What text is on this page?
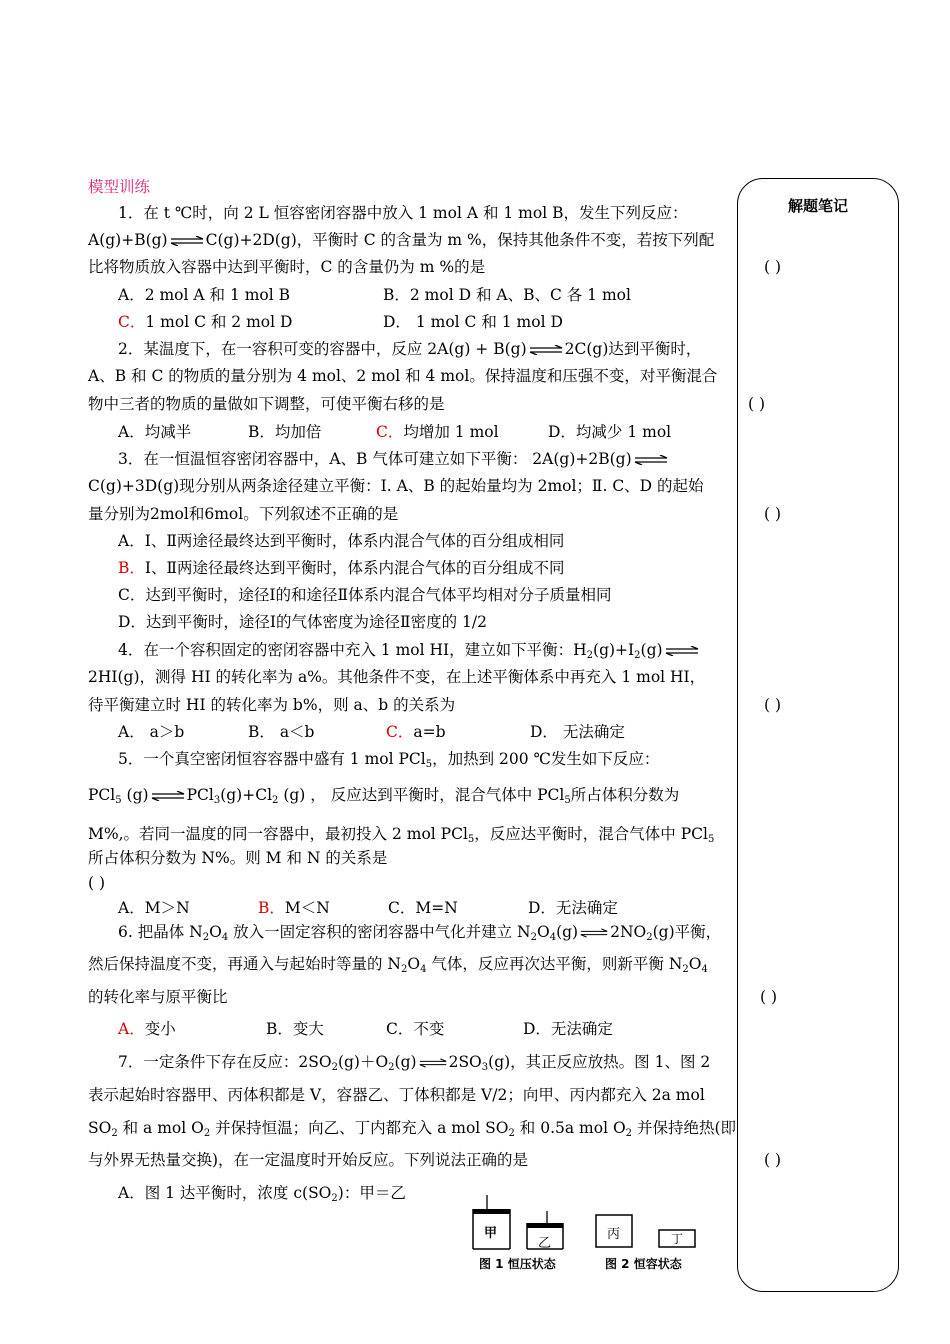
模型训练
1．在 t ℃时，向 2 L 恒容密闭容器中放入 1 mol A 和 1 mol B，发生下列反应：
A(g)+B(g) C(g)+2D(g)，平衡时 C 的含量为 m %，保持其他条件不变，若按下列配
比将物质放入容器中达到平衡时，C 的含量仍为 m %的是	( )
A．2 mol A 和 1 mol B	B．2 mol D 和 A、B、C 各 1 mol
C．1 mol C 和 2 mol D	D． 1 mol C 和 1 mol D
2．某温度下，在一容积可变的容器中，反应 2A(g) + B(g) 2C(g)达到平衡时，
A、B 和 C 的物质的量分别为 4 mol、2 mol 和 4 mol。保持温度和压强不变，对平衡混合
物中三者的物质的量做如下调整，可使平衡右移的是	( )
A．均减半	B．均加倍	C．均增加 1 mol	D．均减少 1 mol
3．在一恒温恒容密闭容器中，A、B 气体可建立如下平衡： 2A(g)+2B(g)
C(g)+3D(g)现分别从两条途径建立平衡：Ⅰ. A、B 的起始量均为 2mol；Ⅱ. C、D 的起始
量分别为2mol和6mol。下列叙述不正确的是	( )
A．Ⅰ、Ⅱ两途径最终达到平衡时，体系内混合气体的百分组成相同
B．Ⅰ、Ⅱ两途径最终达到平衡时，体系内混合气体的百分组成不同
C．达到平衡时，途径Ⅰ的和途径Ⅱ体系内混合气体平均相对分子质量相同
D．达到平衡时，途径Ⅰ的气体密度为途径Ⅱ密度的 1/2
4．在一个容积固定的密闭容器中充入 1 mol HI，建立如下平衡：$H_2(g)+I_2(g)$
2HI(g)，测得 HI 的转化率为 a%。其他条件不变，在上述平衡体系中再充入 1 mol HI，
待平衡建立时 HI 的转化率为 b%，则 a、b 的关系为	( )
A． a＞b	B． a＜b	C．a=b	D． 无法确定
5．一个真空密闭恒容容器中盛有 1 mol PCl$_5$，加热到 200 ℃发生如下反应：
PCl$_5$ (g) $PCl_3(g)+Cl_2$ (g) ， 反应达到平衡时，混合气体中 PCl$_5$所占体积分数为
M%,。若同一温度的同一容器中，最初投入 2 mol PCl$_5$，反应达平衡时，混合气体中 PCl$_5$
所占体积分数为 N%。则 M 和 N 的关系是
( )
A．M＞N	B．M＜N	C．M=N	D．无法确定
6. 把晶体 $N_2O_4$ 放入一固定容积的密闭容器中气化并建立 $N_2O_4(g)$ $2NO_2(g)$平衡，
然后保持温度不变，再通入与起始时等量的 $N_2O_4$ 气体，反应再次达平衡，则新平衡 $N_2O_4$
的转化率与原平衡比	( )
A．变小	B．变大	C．不变	D．无法确定
7．一定条件下存在反应：$2SO_2(g)+O_2(g)$ $2SO_3(g)$，其正反应放热。图 1、图 2
表示起始时容器甲、丙体积都是 V，容器乙、丁体积都是 V/2；向甲、丙内都充入 2a mol
$SO_2$ 和 a mol $O_2$ 并保持恒温；向乙、丁内都充入 a mol $SO_2$ 和 0.5a mol $O_2$ 并保持绝热(即
与外界无热量交换)，在一定温度时开始反应。下列说法正确的是	( )
A．图 1 达平衡时，浓度 $c(SO_2)$：甲＝乙
甲
乙
丙	丁
图 1 恒压状态	图 2 恒容状态
解题笔记
